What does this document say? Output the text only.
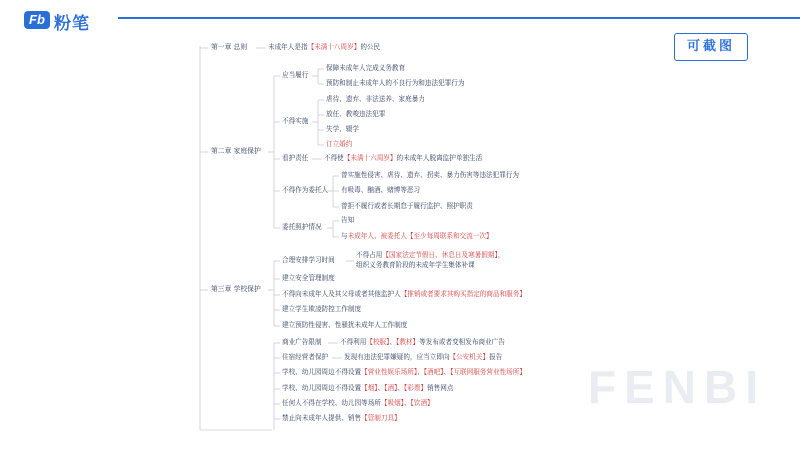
Fb 粉笔
可截图
FENBI
第一章 总则	未成年人是指【未满十八周岁】的公民
第二章 家庭保护
应当履行
保障未成年人完成义务教育
预防和制止未成年人的不良行为和违法犯罪行为
不得实施
虐待、遗弃、非法送养、家庭暴力
放任、教唆违法犯罪
失学、辍学
订立婚约
看护责任 不得使【未满十六周岁】的未成年人脱离监护单独生活
不得作为委托人
曾实施性侵害、虐待、遗弃、拐卖、暴力伤害等违法犯罪行为
有吸毒、酗酒、赌博等恶习
曾拒不履行或者长期怠于履行监护、照护职责
委托照护情况
告知
与未成年人、被委托人【至少每周联系和交流一次】
第三章 学校保护
合理安排学习时间
不得占用【国家法定节假日、休息日及寒暑假期】，
组织义务教育阶段的未成年学生集体补课
建立安全管理制度
不得向未成年人及其父母或者其他监护人【推销或者要求其购买指定的商品和服务】
建立学生欺凌防控工作制度
建立预防性侵害、性骚扰未成年人工作制度
商业广告限制	不得利用【校服】、【教材】等发布或者变相发布商业广告
住宿经营者保护 发现有违法犯罪嫌疑的，应当立即向【公安机关】报告
学校、幼儿园周边不得设置【营业性娱乐场所】、【酒吧】、【互联网服务营业性场所】
学校、幼儿园周边不得设置【烟】、【酒】、【彩票】销售网点
任何人不得在学校、幼儿园等场所【吸烟】、【饮酒】
禁止向未成年人提供、销售【管制刀具】
